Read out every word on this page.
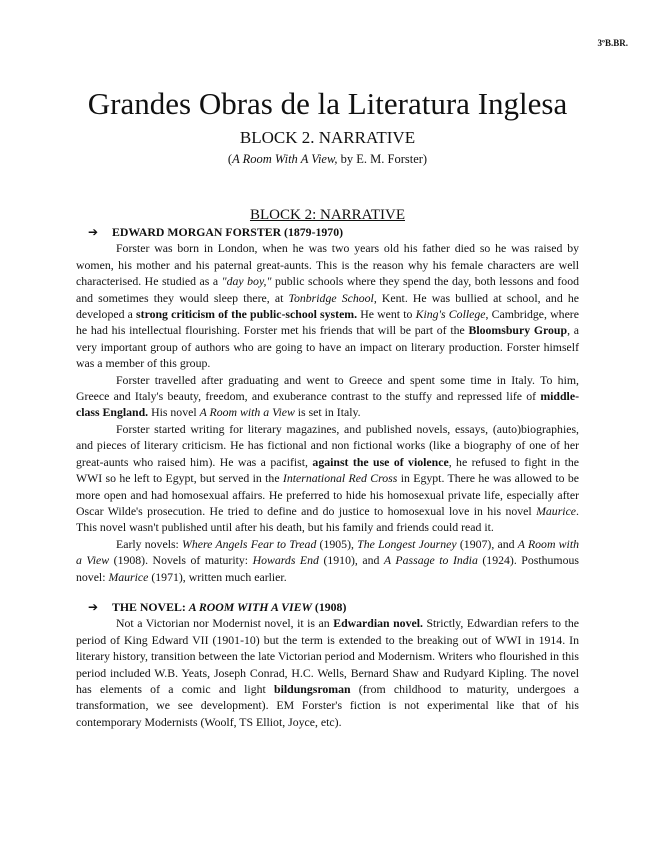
3ºB.BR.
Grandes Obras de la Literatura Inglesa
BLOCK 2. NARRATIVE
(A Room With A View, by E. M. Forster)
BLOCK 2: NARRATIVE
➔ EDWARD MORGAN FORSTER (1879-1970)

Forster was born in London, when he was two years old his father died so he was raised by women, his mother and his paternal great-aunts. This is the reason why his female characters are well characterised. He studied as a "day boy," public schools where they spend the day, both lessons and food and sometimes they would sleep there, at Tonbridge School, Kent. He was bullied at school, and he developed a strong criticism of the public-school system. He went to King's College, Cambridge, where he had his intellectual flourishing. Forster met his friends that will be part of the Bloomsbury Group, a very important group of authors who are going to have an impact on literary production. Forster himself was a member of this group.

Forster travelled after graduating and went to Greece and spent some time in Italy. To him, Greece and Italy's beauty, freedom, and exuberance contrast to the stuffy and repressed life of middle-class England. His novel A Room with a View is set in Italy.

Forster started writing for literary magazines, and published novels, essays, (auto)biographies, and pieces of literary criticism. He has fictional and non fictional works (like a biography of one of her great-aunts who raised him). He was a pacifist, against the use of violence, he refused to fight in the WWI so he left to Egypt, but served in the International Red Cross in Egypt. There he was allowed to be more open and had homosexual affairs. He preferred to hide his homosexual private life, especially after Oscar Wilde's prosecution. He tried to define and do justice to homosexual love in his novel Maurice. This novel wasn't published until after his death, but his family and friends could read it.

Early novels: Where Angels Fear to Tread (1905), The Longest Journey (1907), and A Room with a View (1908). Novels of maturity: Howards End (1910), and A Passage to India (1924). Posthumous novel: Maurice (1971), written much earlier.

➔ THE NOVEL: A ROOM WITH A VIEW (1908)

Not a Victorian nor Modernist novel, it is an Edwardian novel. Strictly, Edwardian refers to the period of King Edward VII (1901-10) but the term is extended to the breaking out of WWI in 1914. In literary history, transition between the late Victorian period and Modernism. Writers who flourished in this period included W.B. Yeats, Joseph Conrad, H.C. Wells, Bernard Shaw and Rudyard Kipling. The novel has elements of a comic and light bildungsroman (from childhood to maturity, undergoes a transformation, we see development). EM Forster's fiction is not experimental like that of his contemporary Modernists (Woolf, TS Elliot, Joyce, etc).
